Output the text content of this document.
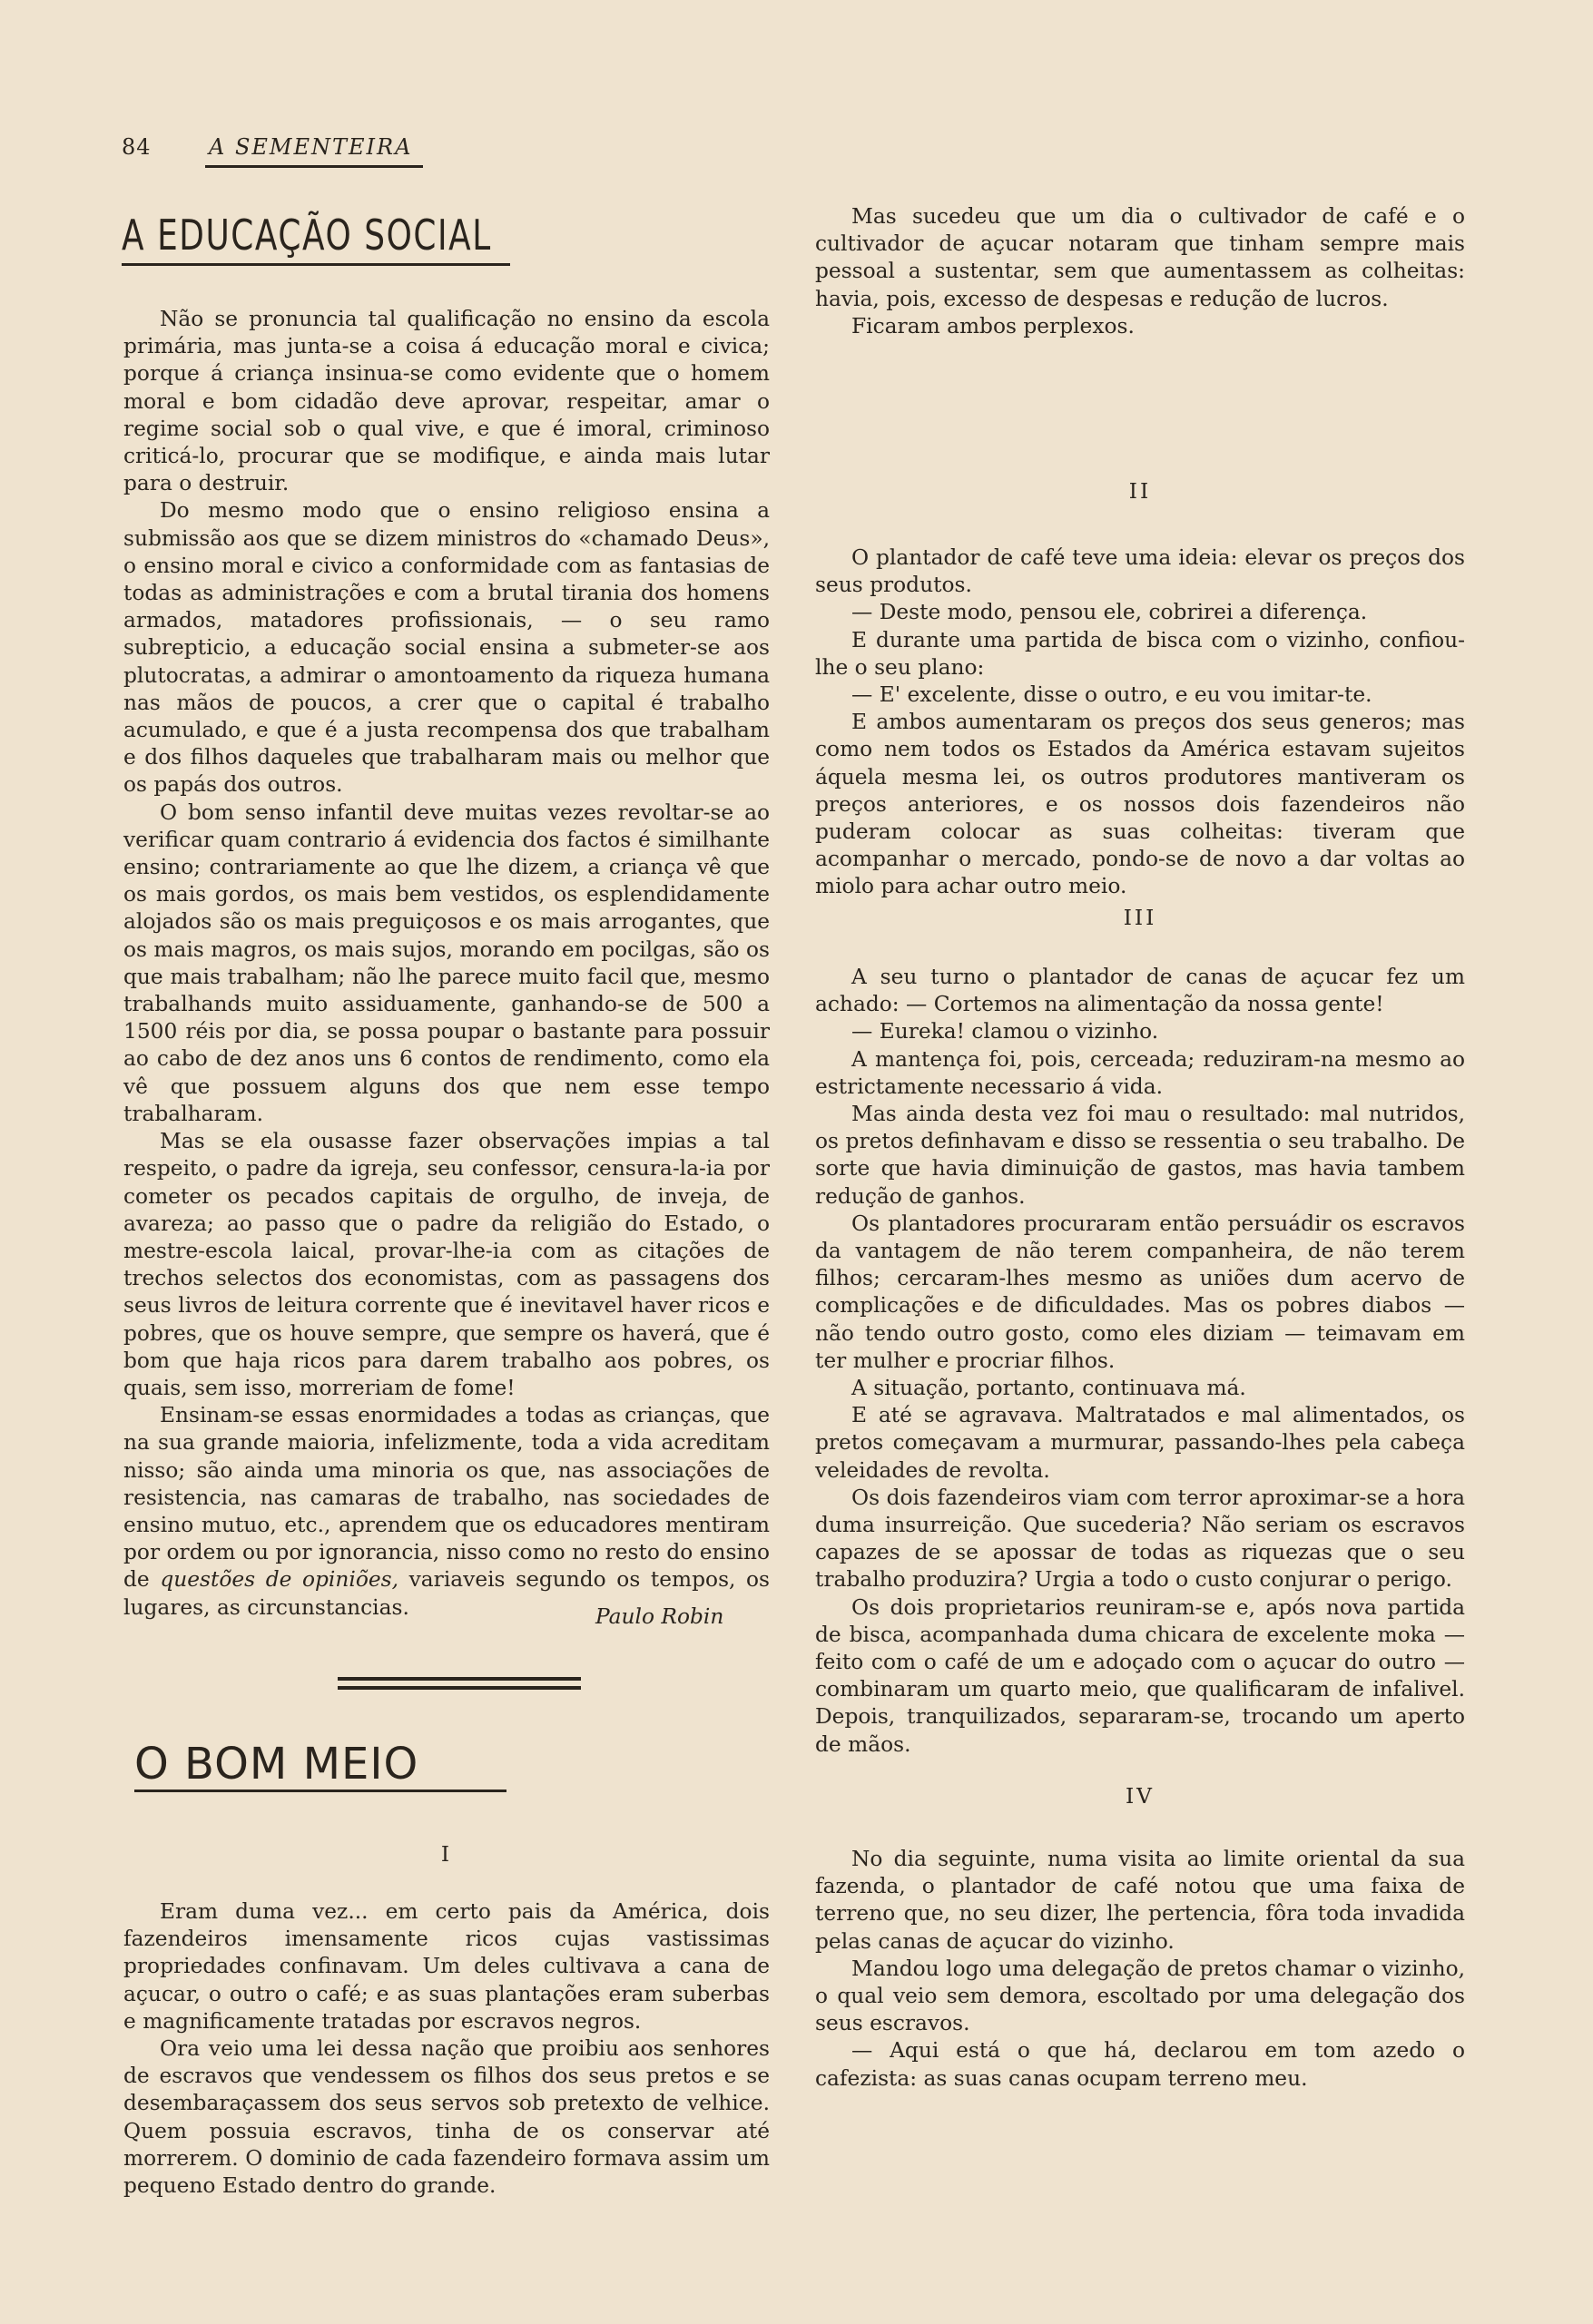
84	A SEMENTEIRA
A EDUCAÇÃO SOCIAL

Não se pronuncia tal qualificação no ensino da escola primária, mas junta-se a coisa á educação moral e civica; porque á criança insinua-se como evidente que o homem moral e bom cidadão deve aprovar, respeitar, amar o regime social sob o qual vive, e que é imoral, criminoso criticá-lo, procurar que se modifique, e ainda mais lutar para o destruir.

Do mesmo modo que o ensino religioso ensina a submissão aos que se dizem ministros do «chamado Deus», o ensino moral e civico a conformidade com as fantasias de todas as administrações e com a brutal tirania dos homens armados, matadores profissionais, — o seu ramo subrepticio, a educação social ensina a submeter-se aos plutocratas, a admirar o amontoamento da riqueza humana nas mãos de poucos, a crer que o capital é trabalho acumulado, e que é a justa recompensa dos que trabalham e dos filhos daqueles que trabalharam mais ou melhor que os papás dos outros.

O bom senso infantil deve muitas vezes revoltar-se ao verificar quam contrario á evidencia dos factos é similhante ensino; contrariamente ao que lhe dizem, a criança vê que os mais gordos, os mais bem vestidos, os esplendidamente alojados são os mais preguiçosos e os mais arrogantes, que os mais magros, os mais sujos, morando em pocilgas, são os que mais trabalham; não lhe parece muito facil que, mesmo trabalhands muito assiduamente, ganhando-se de 500 a 1500 réis por dia, se possa poupar o bastante para possuir ao cabo de dez anos uns 6 contos de rendimento, como ela vê que possuem alguns dos que nem esse tempo trabalharam.

Mas se ela ousasse fazer observações impias a tal respeito, o padre da igreja, seu confessor, censura-la-ia por cometer os pecados capitais de orgulho, de inveja, de avareza; ao passo que o padre da religião do Estado, o mestre-escola laical, provar-lhe-ia com as citações de trechos selectos dos economistas, com as passagens dos seus livros de leitura corrente que é inevitavel haver ricos e pobres, que os houve sempre, que sempre os haverá, que é bom que haja ricos para darem trabalho aos pobres, os quais, sem isso, morreriam de fome!

Ensinam-se essas enormidades a todas as crianças, que na sua grande maioria, infelizmente, toda a vida acreditam nisso; são ainda uma minoria os que, nas associações de resistencia, nas camaras de trabalho, nas sociedades de ensino mutuo, etc., aprendem que os educadores mentiram por ordem ou por ignorancia, nisso como no resto do ensino de questões de opiniões, variaveis segundo os tempos, os lugares, as circunstancias.	Paulo Robin
O BOM MEIO
I

Eram duma vez... em certo pais da América, dois fazendeiros imensamente ricos cujas vastissimas propriedades confinavam. Um deles cultivava a cana de açucar, o outro o café; e as suas plantações eram suberbas e magnificamente tratadas por escravos negros.

Ora veio uma lei dessa nação que proibiu aos senhores de escravos que vendessem os filhos dos seus pretos e se desembaraçassem dos seus servos sob pretexto de velhice. Quem possuia escravos, tinha de os conservar até morrerem. O dominio de cada fazendeiro formava assim um pequeno Estado dentro do grande.

Mas sucedeu que um dia o cultivador de café e o cultivador de açucar notaram que tinham sempre mais pessoal a sustentar, sem que aumentassem as colheitas: havia, pois, excesso de despesas e redução de lucros.

Ficaram ambos perplexos.

II

O plantador de café teve uma ideia: elevar os preços dos seus produtos.

— Deste modo, pensou ele, cobrirei a diferença.

E durante uma partida de bisca com o vizinho, confiou-lhe o seu plano:

— E' excelente, disse o outro, e eu vou imitar-te.

E ambos aumentaram os preços dos seus generos; mas como nem todos os Estados da América estavam sujeitos áquela mesma lei, os outros produtores mantiveram os preços anteriores, e os nossos dois fazendeiros não puderam colocar as suas colheitas: tiveram que acompanhar o mercado, pondo-se de novo a dar voltas ao miolo para achar outro meio.

III

A seu turno o plantador de canas de açucar fez um achado: — Cortemos na alimentação da nossa gente!

— Eureka! clamou o vizinho.

A mantença foi, pois, cerceada; reduziram-na mesmo ao estrictamente necessario á vida.

Mas ainda desta vez foi mau o resultado: mal nutridos, os pretos definhavam e disso se ressentia o seu trabalho. De sorte que havia diminuição de gastos, mas havia tambem redução de ganhos.

Os plantadores procuraram então persuádir os escravos da vantagem de não terem companheira, de não terem filhos; cercaram-lhes mesmo as uniões dum acervo de complicações e de dificuldades. Mas os pobres diabos — não tendo outro gosto, como eles diziam — teimavam em ter mulher e procriar filhos.

A situação, portanto, continuava má.

E até se agravava. Maltratados e mal alimentados, os pretos começavam a murmurar, passando-lhes pela cabeça veleidades de revolta.

Os dois fazendeiros viam com terror aproximar-se a hora duma insurreição. Que sucederia? Não seriam os escravos capazes de se apossar de todas as riquezas que o seu trabalho produzira? Urgia a todo o custo conjurar o perigo.

Os dois proprietarios reuniram-se e, após nova partida de bisca, acompanhada duma chicara de excelente moka — feito com o café de um e adoçado com o açucar do outro — combinaram um quarto meio, que qualificaram de infalivel. Depois, tranquilizados, separaram-se, trocando um aperto de mãos.

IV

No dia seguinte, numa visita ao limite oriental da sua fazenda, o plantador de café notou que uma faixa de terreno que, no seu dizer, lhe pertencia, fôra toda invadida pelas canas de açucar do vizinho.

Mandou logo uma delegação de pretos chamar o vizinho, o qual veio sem demora, escoltado por uma delegação dos seus escravos.

— Aqui está o que há, declarou em tom azedo o cafezista: as suas canas ocupam terreno meu.
